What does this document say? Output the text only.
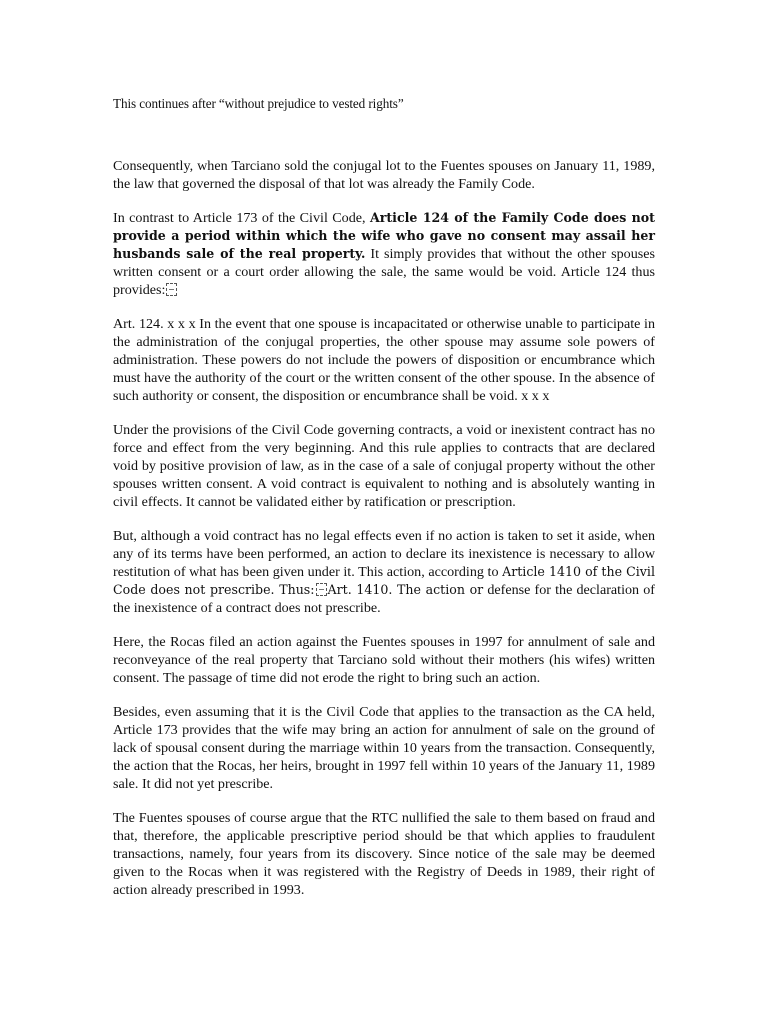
This continues after “without prejudice to vested rights”

Consequently, when Tarciano sold the conjugal lot to the Fuentes spouses on January 11, 1989, the law that governed the disposal of that lot was already the Family Code.

In contrast to Article 173 of the Civil Code, Article 124 of the Family Code does not provide a period within which the wife who gave no consent may assail her husbands sale of the real property. It simply provides that without the other spouses written consent or a court order allowing the sale, the same would be void. Article 124 thus provides:

Art. 124. x x x In the event that one spouse is incapacitated or otherwise unable to participate in the administration of the conjugal properties, the other spouse may assume sole powers of administration. These powers do not include the powers of disposition or encumbrance which must have the authority of the court or the written consent of the other spouse. In the absence of such authority or consent, the disposition or encumbrance shall be void. x x x

Under the provisions of the Civil Code governing contracts, a void or inexistent contract has no force and effect from the very beginning. And this rule applies to contracts that are declared void by positive provision of law, as in the case of a sale of conjugal property without the other spouses written consent. A void contract is equivalent to nothing and is absolutely wanting in civil effects. It cannot be validated either by ratification or prescription.

But, although a void contract has no legal effects even if no action is taken to set it aside, when any of its terms have been performed, an action to declare its inexistence is necessary to allow restitution of what has been given under it. This action, according to Article 1410 of the Civil Code does not prescribe. Thus: Art. 1410. The action or defense for the declaration of the inexistence of a contract does not prescribe.

Here, the Rocas filed an action against the Fuentes spouses in 1997 for annulment of sale and reconveyance of the real property that Tarciano sold without their mothers (his wifes) written consent. The passage of time did not erode the right to bring such an action.

Besides, even assuming that it is the Civil Code that applies to the transaction as the CA held, Article 173 provides that the wife may bring an action for annulment of sale on the ground of lack of spousal consent during the marriage within 10 years from the transaction. Consequently, the action that the Rocas, her heirs, brought in 1997 fell within 10 years of the January 11, 1989 sale. It did not yet prescribe.

The Fuentes spouses of course argue that the RTC nullified the sale to them based on fraud and that, therefore, the applicable prescriptive period should be that which applies to fraudulent transactions, namely, four years from its discovery. Since notice of the sale may be deemed given to the Rocas when it was registered with the Registry of Deeds in 1989, their right of action already prescribed in 1993.
